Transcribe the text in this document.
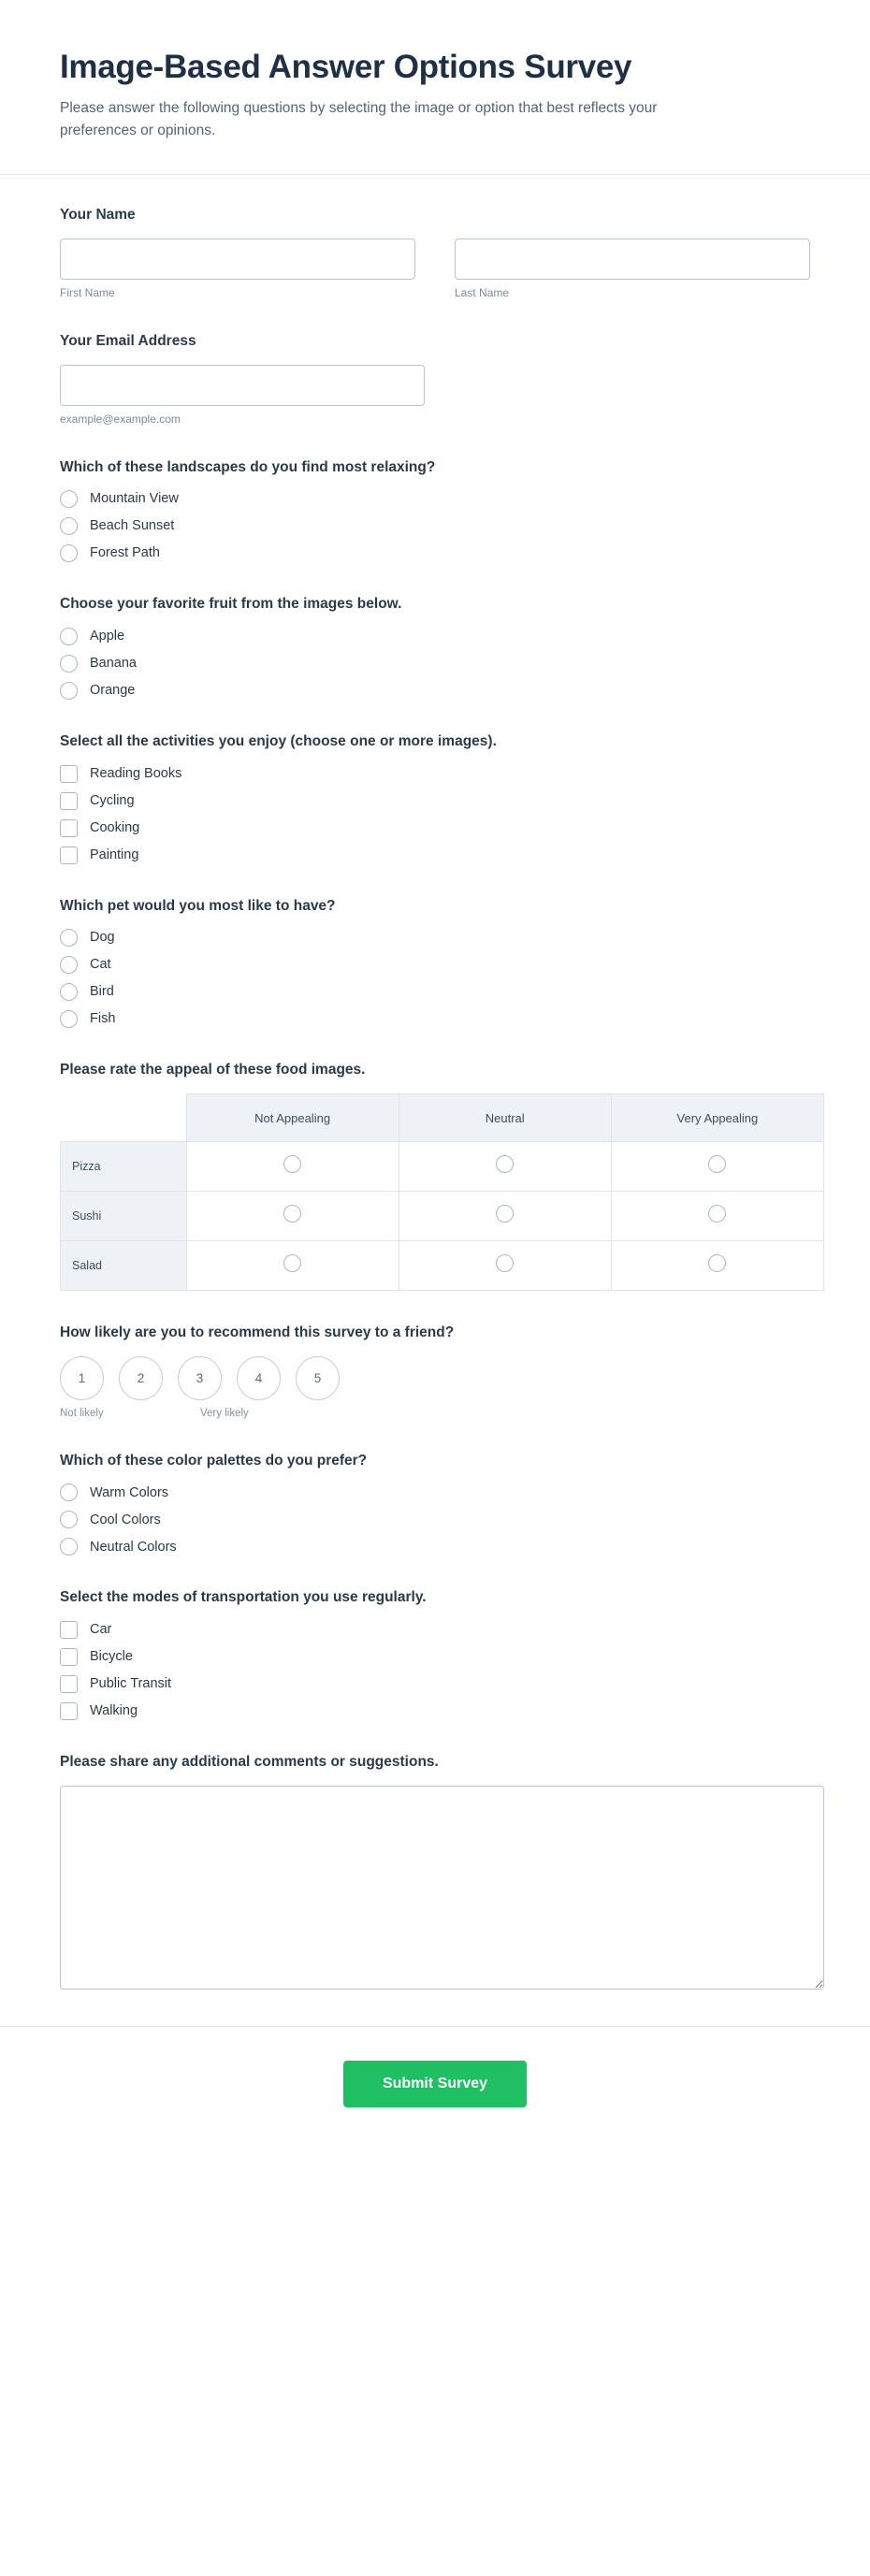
Image-Based Answer Options Survey

Please answer the following questions by selecting the image or option that best reflects your preferences or opinions.

Your Name
First Name	Last Name
Your Email Address
example@example.com
Which of these landscapes do you find most relaxing?
Mountain View
Beach Sunset
Forest Path
Choose your favorite fruit from the images below.
Apple
Banana
Orange
Select all the activities you enjoy (choose one or more images).
Reading Books
Cycling
Cooking
Painting
Which pet would you most like to have?
Dog
Cat
Bird
Fish
Please rate the appeal of these food images.
	Not Appealing	Neutral	Very Appealing
Pizza			
Sushi			
Salad			
How likely are you to recommend this survey to a friend?
1	2	3	4	5
Not likely	Very likely
Which of these color palettes do you prefer?
Warm Colors
Cool Colors
Neutral Colors
Select the modes of transportation you use regularly.
Car
Bicycle
Public Transit
Walking
Please share any additional comments or suggestions.
Submit Survey
